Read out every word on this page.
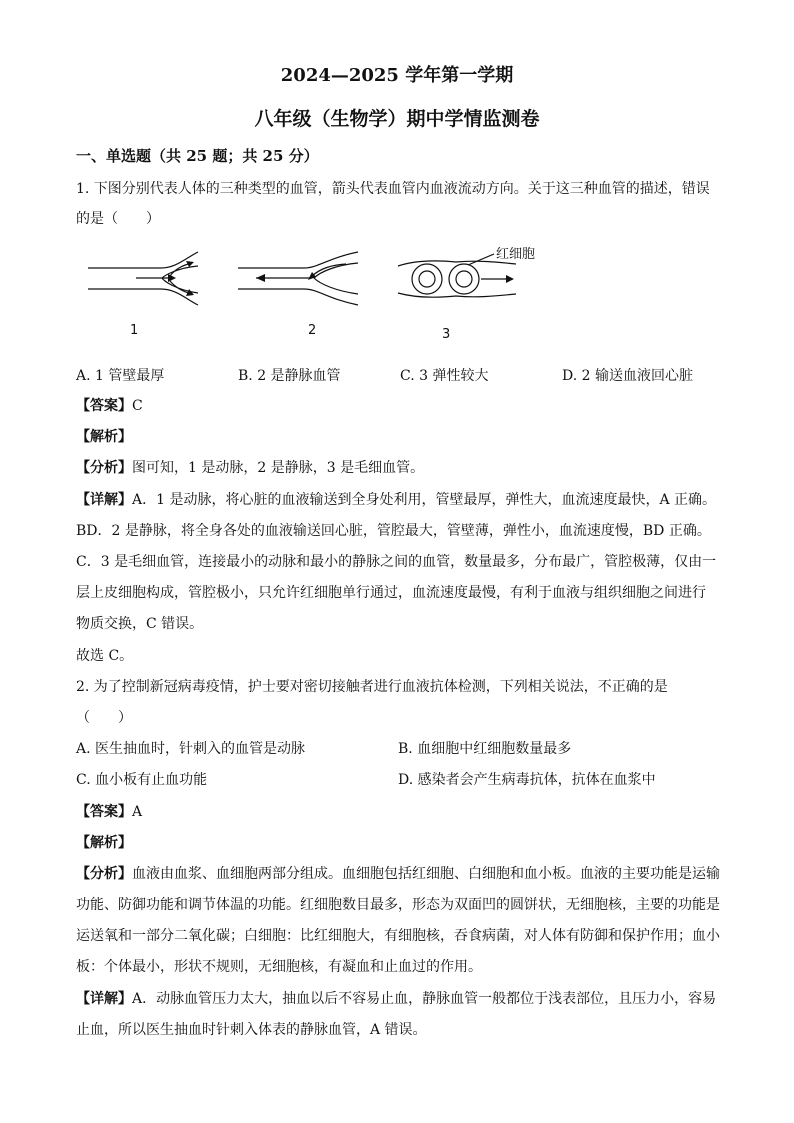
2024—2025 学年第一学期
八年级（生物学）期中学情监测卷
一、单选题（共 25 题；共 25 分）
1. 下图分别代表人体的三种类型的血管，箭头代表血管内血液流动方向。关于这三种血管的描述，错误
的是（　　）
红细胞
1	2	3
A. 1 管壁最厚	B. 2 是静脉血管	C. 3 弹性较大	D. 2 输送血液回心脏
【答案】C
【解析】
【分析】图可知，1 是动脉，2 是静脉，3 是毛细血管。
【详解】A．1 是动脉，将心脏的血液输送到全身处利用，管壁最厚，弹性大，血流速度最快，A 正确。
BD．2 是静脉，将全身各处的血液输送回心脏，管腔最大，管壁薄，弹性小，血流速度慢，BD 正确。
C．3 是毛细血管，连接最小的动脉和最小的静脉之间的血管，数量最多，分布最广，管腔极薄，仅由一
层上皮细胞构成，管腔极小，只允许红细胞单行通过，血流速度最慢，有利于血液与组织细胞之间进行
物质交换，C 错误。
故选 C。
2. 为了控制新冠病毒疫情，护士要对密切接触者进行血液抗体检测，下列相关说法，不正确的是
（　　）
A. 医生抽血时，针刺入的血管是动脉	B. 血细胞中红细胞数量最多
C. 血小板有止血功能	D. 感染者会产生病毒抗体，抗体在血浆中
【答案】A
【解析】
【分析】血液由血浆、血细胞两部分组成。血细胞包括红细胞、白细胞和血小板。血液的主要功能是运输
功能、防御功能和调节体温的功能。红细胞数目最多，形态为双面凹的圆饼状，无细胞核，主要的功能是
运送氧和一部分二氧化碳；白细胞：比红细胞大，有细胞核，吞食病菌，对人体有防御和保护作用；血小
板：个体最小，形状不规则，无细胞核，有凝血和止血过的作用。
【详解】A．动脉血管压力太大，抽血以后不容易止血，静脉血管一般都位于浅表部位，且压力小，容易
止血，所以医生抽血时针刺入体表的静脉血管，A 错误。
